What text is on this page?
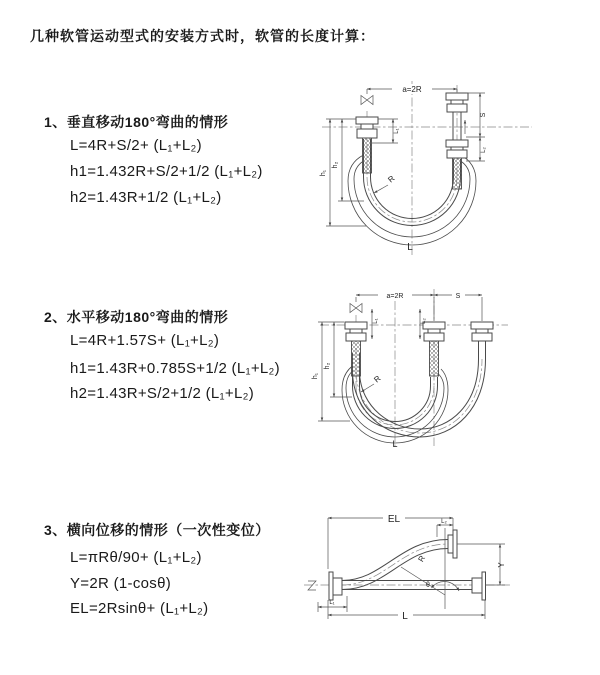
几种软管运动型式的安装方式时，软管的长度计算：
1、垂直移动180°弯曲的情形
L=4R+S/2+ (L₁+L₂)
h1=1.432R+S/2+1/2 (L₁+L₂)
h2=1.43R+1/2 (L₁+L₂)
a=2R
S
L₂
h₁
h₂
L₁
R
L
2、水平移动180°弯曲的情形
L=4R+1.57S+ (L₁+L₂)
h1=1.43R+0.785S+1/2 (L₁+L₂)
h2=1.43R+S/2+1/2 (L₁+L₂)
a=2R	S
h₁
h₂
L₁	L₂
R
L
3、横向位移的情形（一次性变位）
L=πRθ/90+ (L₁+L₂)
Y=2R (1-cosθ)
EL=2Rsinθ+ (L₁+L₂)
EL	L₂
Y
R
θ
L
L₁
